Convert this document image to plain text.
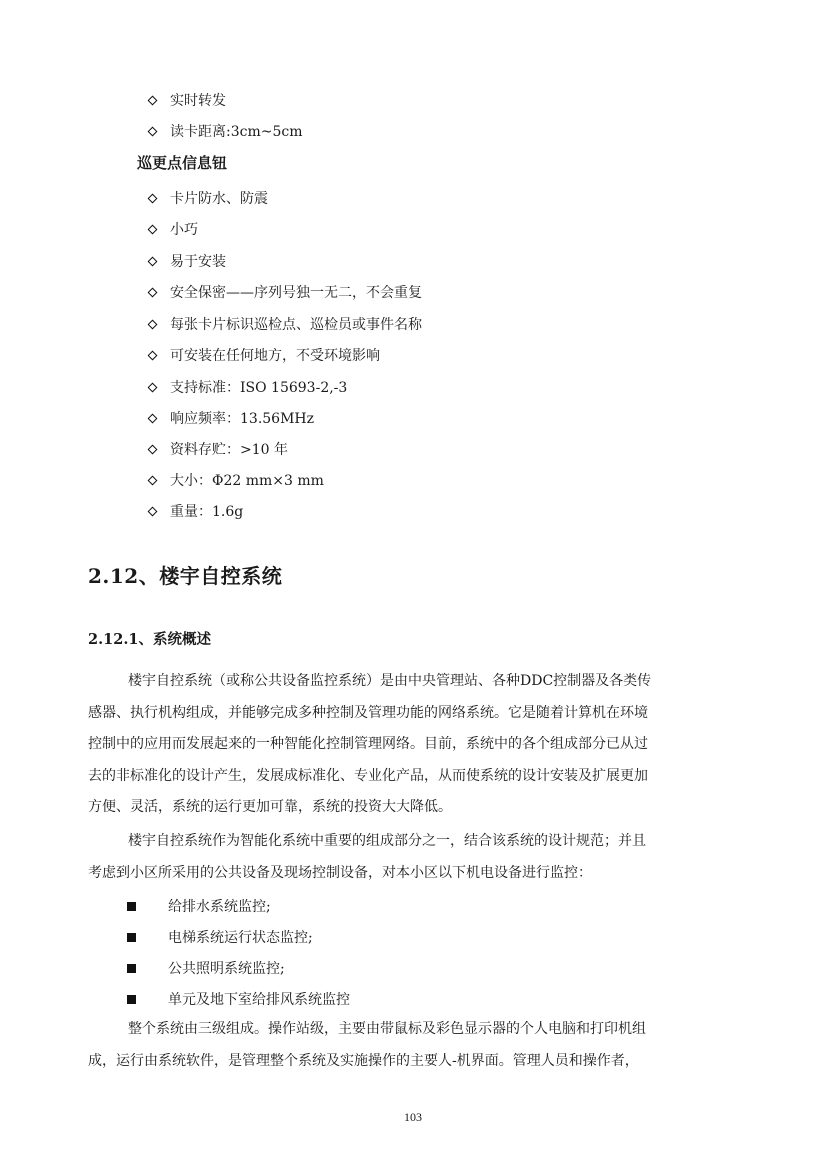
实时转发
读卡距离:3cm~5cm
巡更点信息钮
卡片防水、防震
小巧
易于安装
安全保密——序列号独一无二，不会重复
每张卡片标识巡检点、巡检员或事件名称
可安装在任何地方，不受环境影响
支持标准：ISO 15693-2,-3
响应频率：13.56MHz
资料存贮：>10 年
大小：Φ22 mm×3 mm
重量：1.6g
2.12、楼宇自控系统
2.12.1、系统概述
楼宇自控系统（或称公共设备监控系统）是由中央管理站、各种DDC控制器及各类传
感器、执行机构组成，并能够完成多种控制及管理功能的网络系统。它是随着计算机在环境
控制中的应用而发展起来的一种智能化控制管理网络。目前，系统中的各个组成部分已从过
去的非标准化的设计产生，发展成标准化、专业化产品，从而使系统的设计安装及扩展更加
方便、灵活，系统的运行更加可靠，系统的投资大大降低。
楼宇自控系统作为智能化系统中重要的组成部分之一，结合该系统的设计规范；并且
考虑到小区所采用的公共设备及现场控制设备，对本小区以下机电设备进行监控：
给排水系统监控;
电梯系统运行状态监控;
公共照明系统监控;
单元及地下室给排风系统监控
整个系统由三级组成。操作站级，主要由带鼠标及彩色显示器的个人电脑和打印机组
成，运行由系统软件，是管理整个系统及实施操作的主要人-机界面。管理人员和操作者，
103
